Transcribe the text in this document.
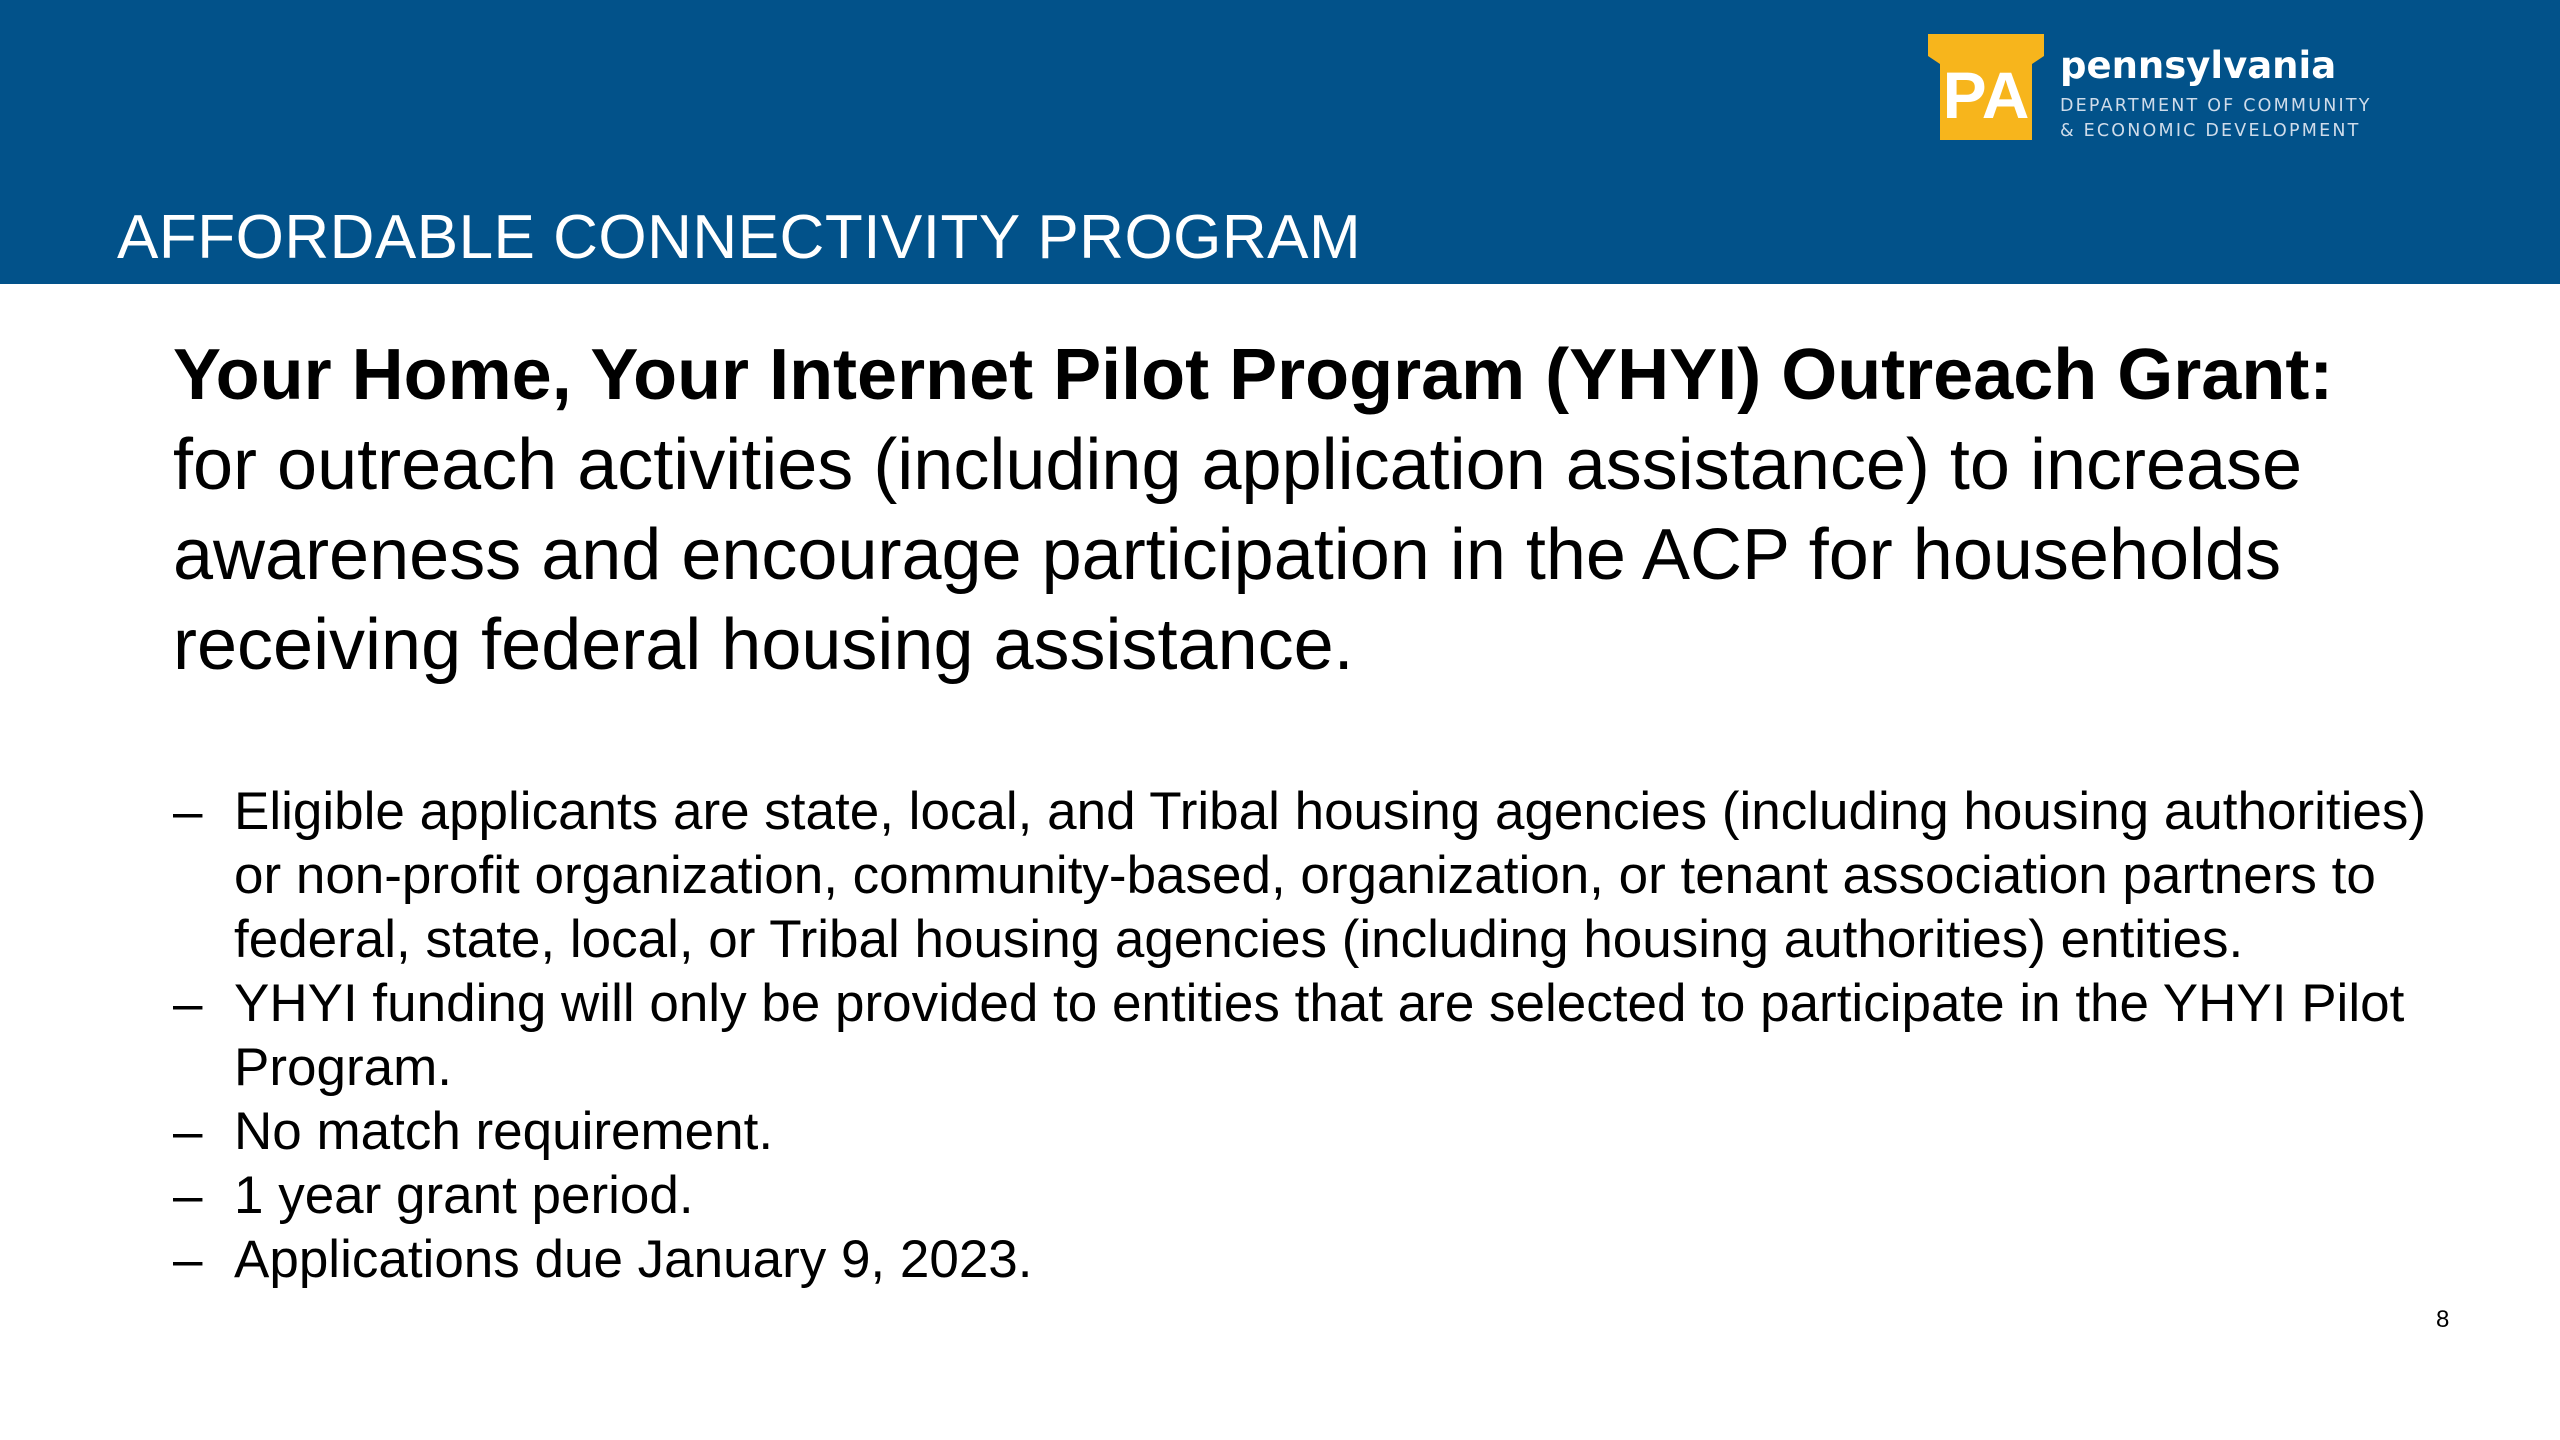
PA pennsylvania
DEPARTMENT OF COMMUNITY
& ECONOMIC DEVELOPMENT
AFFORDABLE CONNECTIVITY PROGRAM
Your Home, Your Internet Pilot Program (YHYI) Outreach Grant:
for outreach activities (including application assistance) to increase awareness and encourage participation in the ACP for households receiving federal housing assistance.
– Eligible applicants are state, local, and Tribal housing agencies (including housing authorities) or non-profit organization, community-based, organization, or tenant association partners to federal, state, local, or Tribal housing agencies (including housing authorities) entities.
– YHYI funding will only be provided to entities that are selected to participate in the YHYI Pilot Program.
– No match requirement.
– 1 year grant period.
– Applications due January 9, 2023.
8
